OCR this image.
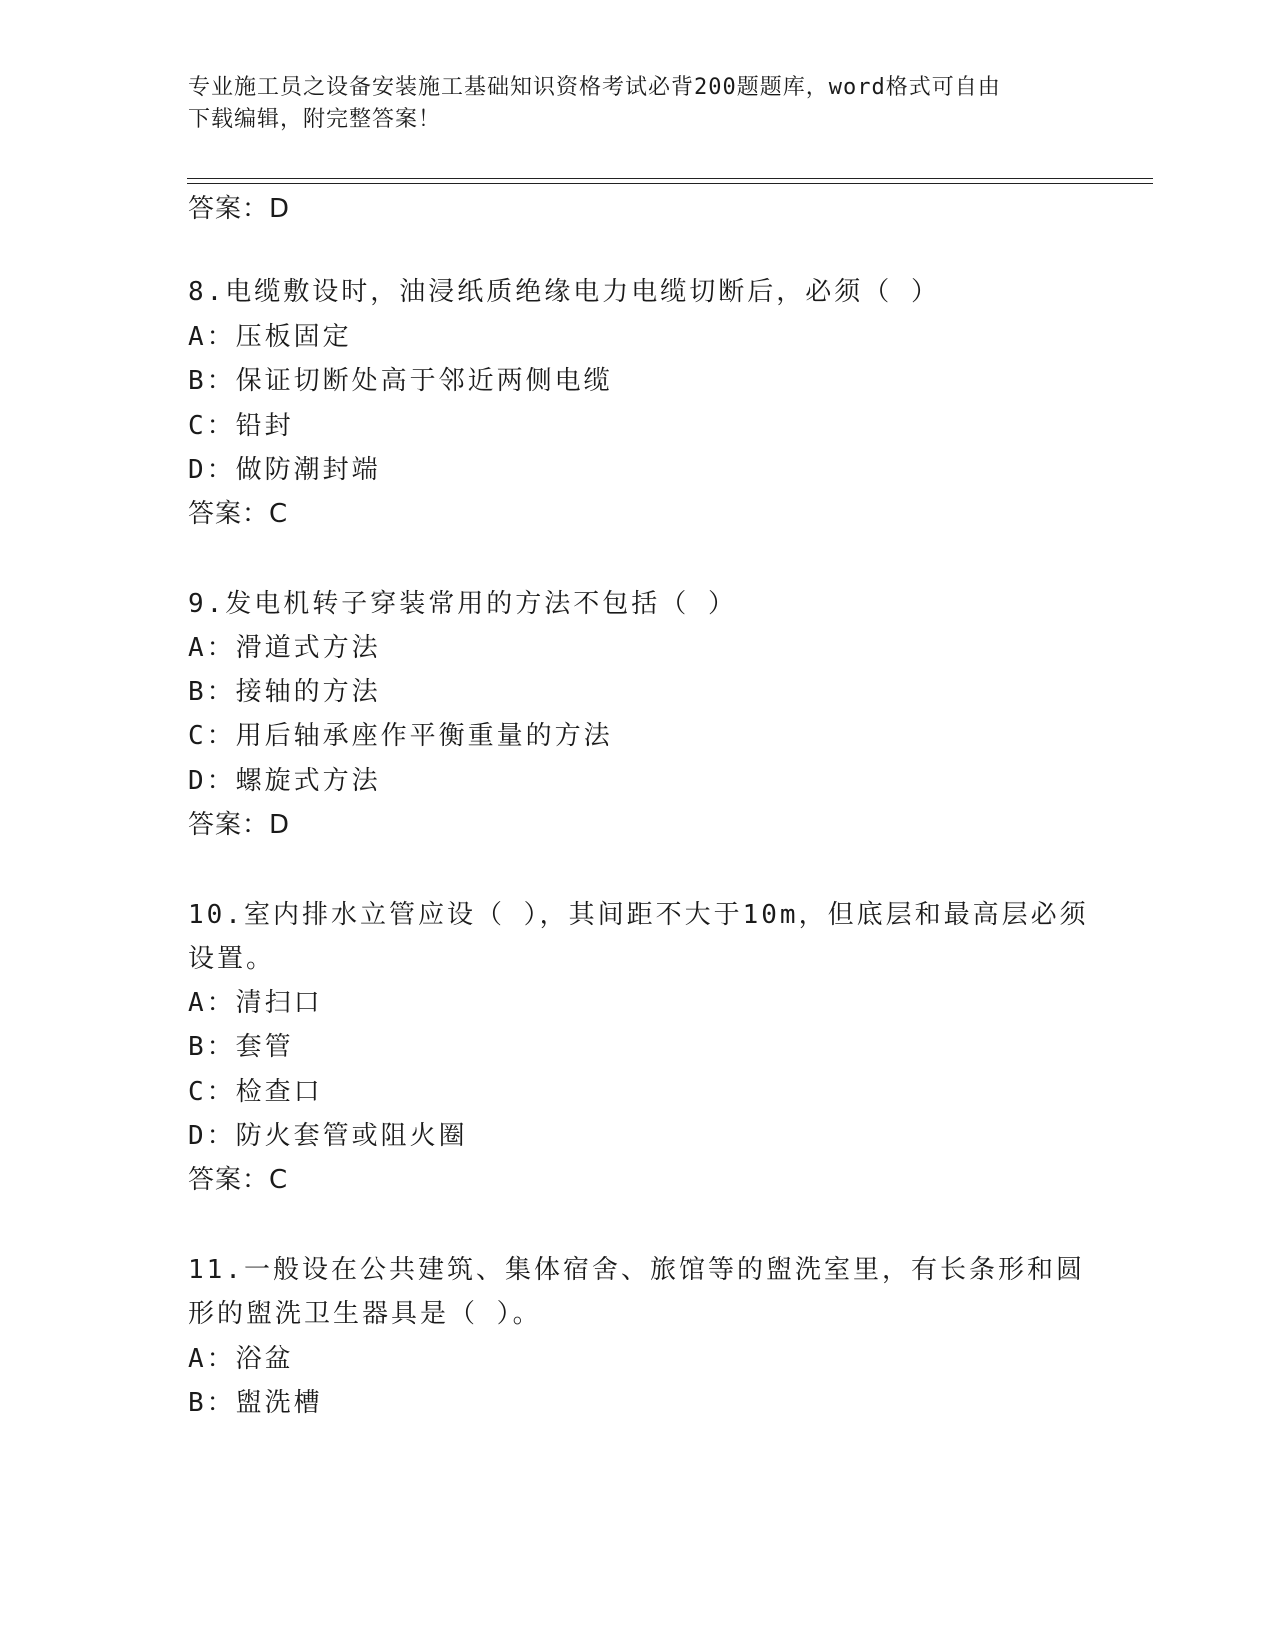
专业施工员之设备安装施工基础知识资格考试必背200题题库，word格式可自由
下载编辑，附完整答案！
答案：D
8.电缆敷设时，油浸纸质绝缘电力电缆切断后，必须（ ）
A：压板固定
B：保证切断处高于邻近两侧电缆
C：铅封
D：做防潮封端
答案：C
9.发电机转子穿装常用的方法不包括（ ）
A：滑道式方法
B：接轴的方法
C：用后轴承座作平衡重量的方法
D：螺旋式方法
答案：D
10.室内排水立管应设（ ），其间距不大于10m，但底层和最高层必须
设置。
A：清扫口
B：套管
C：检查口
D：防火套管或阻火圈
答案：C
11.一般设在公共建筑、集体宿舍、旅馆等的盥洗室里，有长条形和圆
形的盥洗卫生器具是（ ）。
A：浴盆
B：盥洗槽
